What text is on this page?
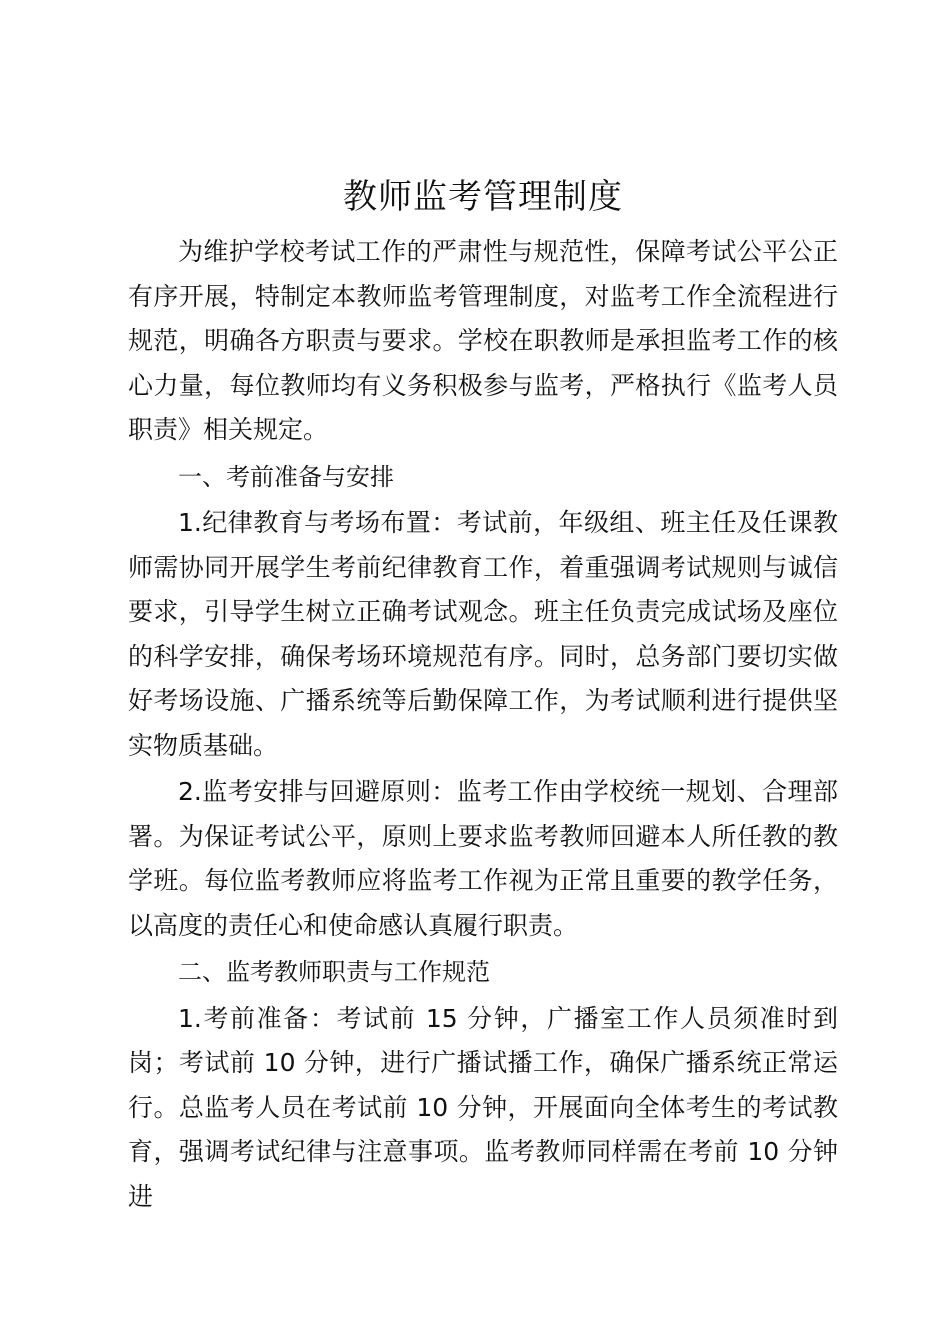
教师监考管理制度

为维护学校考试工作的严肃性与规范性，保障考试公平公正有序开展，特制定本教师监考管理制度，对监考工作全流程进行规范，明确各方职责与要求。学校在职教师是承担监考工作的核心力量，每位教师均有义务积极参与监考，严格执行《监考人员职责》相关规定。

一、考前准备与安排

1.纪律教育与考场布置：考试前，年级组、班主任及任课教师需协同开展学生考前纪律教育工作，着重强调考试规则与诚信要求，引导学生树立正确考试观念。班主任负责完成试场及座位的科学安排，确保考场环境规范有序。同时，总务部门要切实做好考场设施、广播系统等后勤保障工作，为考试顺利进行提供坚实物质基础。

2.监考安排与回避原则：监考工作由学校统一规划、合理部署。为保证考试公平，原则上要求监考教师回避本人所任教的教学班。每位监考教师应将监考工作视为正常且重要的教学任务，以高度的责任心和使命感认真履行职责。

二、监考教师职责与工作规范

1.考前准备：考试前 15 分钟，广播室工作人员须准时到岗；考试前 10 分钟，进行广播试播工作，确保广播系统正常运行。总监考人员在考试前 10 分钟，开展面向全体考生的考试教育，强调考试纪律与注意事项。监考教师同样需在考前 10 分钟进
